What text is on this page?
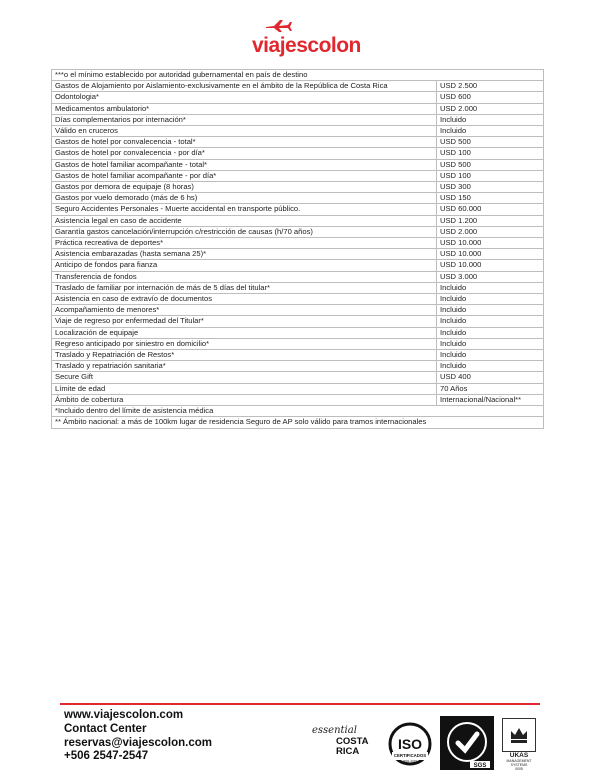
viajescolon
***o el mínimo establecido por autoridad gubernamental en país de destino	
Gastos de Alojamiento por Aislamiento-exclusivamente en el ámbito de la República de Costa Rica	USD 2.500
Odontologia*	USD 600
Medicamentos ambulatorio*	USD 2.000
Días complementarios por internación*	Incluido
Válido en cruceros	Incluido
Gastos de hotel por convalecencia - total*	USD 500
Gastos de hotel por convalecencia - por día*	USD 100
Gastos de hotel familiar acompañante - total*	USD 500
Gastos de hotel familiar acompañante - por día*	USD 100
Gastos por demora de equipaje (8 horas)	USD 300
Gastos por vuelo demorado (más de 6 hs)	USD 150
Seguro Accidentes Personales - Muerte accidental en transporte público.	USD 60.000
Asistencia legal en caso de accidente	USD 1.200
Garantía gastos cancelación/interrupción c/restricción de causas (h/70 años)	USD 2.000
Práctica recreativa de deportes*	USD 10.000
Asistencia embarazadas (hasta semana 25)*	USD 10.000
Anticipo de fondos para fianza	USD 10.000
Transferencia de fondos	USD 3.000
Traslado de familiar por internación de más de 5 días del titular*	Incluido
Asistencia en caso de extravío de documentos	Incluido
Acompañamiento de menores*	Incluido
Viaje de regreso por enfermedad del Titular*	Incluido
Localización de equipaje	Incluido
Regreso anticipado por siniestro en domicilio*	Incluido
Traslado y Repatriación de Restos*	Incluido
Traslado y repatriación sanitaria*	Incluido
Secure Gift	USD 400
Límite de edad	70 Años
Ámbito de cobertura	Internacional/Nacional**
*Incluido dentro del límite de asistencia médica	
** Ámbito nacional: a más de 100km lugar de residencia Seguro de AP solo válido para tramos internacionales	
www.viajescolon.com
Contact Center
reservas@viajescolon.com
+506 2547-2547
essential
COSTA
RICA	ISO
CERTIFICADOS
9001 2015
SGS
UKAS
MANAGEMENT
SYSTEMS
0005
